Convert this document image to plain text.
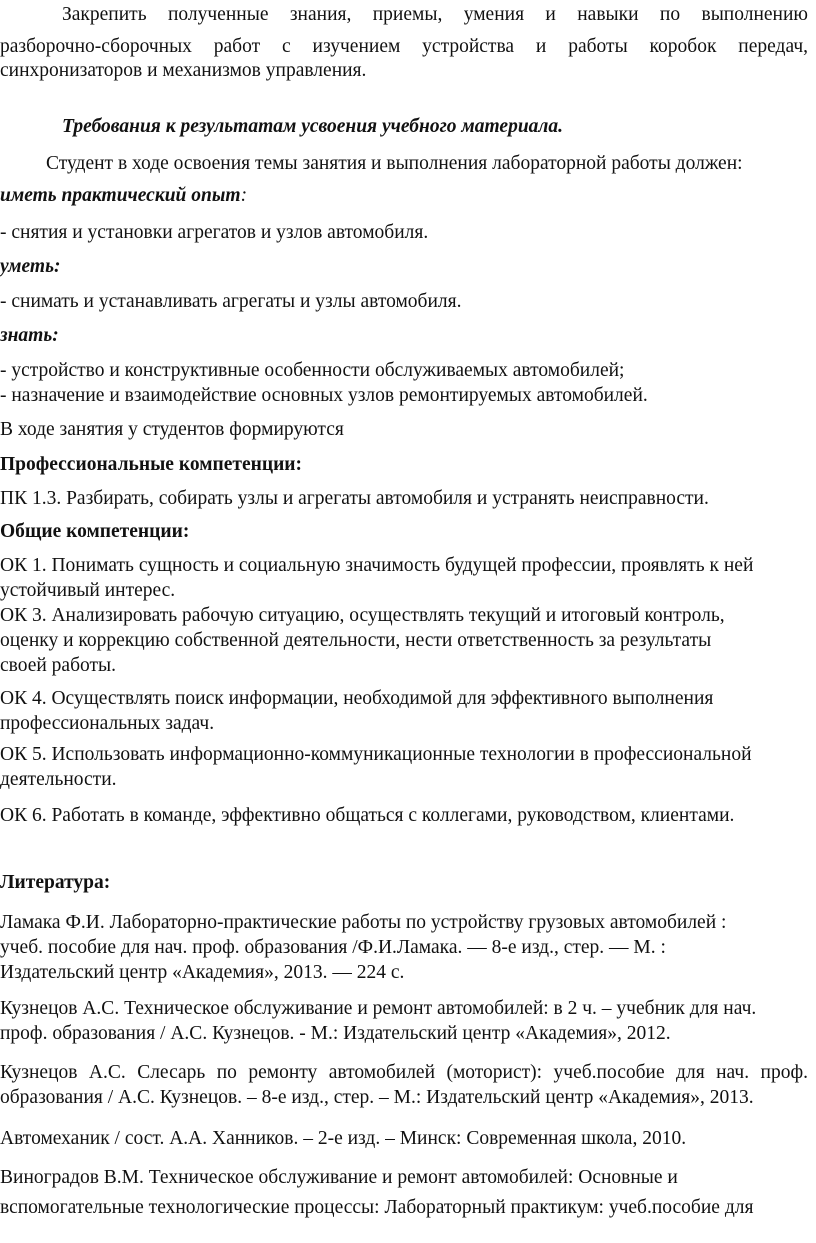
Закрепить полученные знания, приемы, умения и навыки по выполнению
разборочно-сборочных работ с изучением устройства и работы коробок передач,
синхронизаторов и механизмов управления.
Требования к результатам усвоения учебного материала.
Студент в ходе освоения темы занятия и выполнения лабораторной работы должен:
иметь практический опыт:
- снятия и установки агрегатов и узлов автомобиля.
уметь:
- снимать и устанавливать агрегаты и узлы автомобиля.
знать:
- устройство и конструктивные особенности обслуживаемых автомобилей;
- назначение и взаимодействие основных узлов ремонтируемых автомобилей.
В ходе занятия у студентов формируются
Профессиональные компетенции:
ПК 1.3. Разбирать, собирать узлы и агрегаты автомобиля и устранять неисправности.
Общие компетенции:
ОК 1. Понимать сущность и социальную значимость будущей профессии, проявлять к ней
устойчивый интерес.
ОК 3. Анализировать рабочую ситуацию, осуществлять текущий и итоговый контроль,
оценку и коррекцию собственной деятельности, нести ответственность за результаты
своей работы.
ОК 4. Осуществлять поиск информации, необходимой для эффективного выполнения
профессиональных задач.
ОК 5. Использовать информационно-коммуникационные технологии в профессиональной
деятельности.
ОК 6. Работать в команде, эффективно общаться с коллегами, руководством, клиентами.
Литература:
Ламака Ф.И. Лабораторно-практические работы по устройству грузовых автомобилей :
учеб. пособие для нач. проф. образования /Ф.И.Ламака. — 8-е изд., стер. — М. :
Издательский центр «Академия», 2013. — 224 с.
Кузнецов А.С. Техническое обслуживание и ремонт автомобилей: в 2 ч. – учебник для нач.
проф. образования / А.С. Кузнецов. - М.: Издательский центр «Академия», 2012.
Кузнецов А.С. Слесарь по ремонту автомобилей (моторист): учеб.пособие для нач. проф.
образования / А.С. Кузнецов. – 8-е изд., стер. – М.: Издательский центр «Академия», 2013.
Автомеханик / сост. А.А. Ханников. – 2-е изд. – Минск: Современная школа, 2010.
Виноградов В.М. Техническое обслуживание и ремонт автомобилей: Основные и
вспомогательные технологические процессы: Лабораторный практикум: учеб.пособие для
